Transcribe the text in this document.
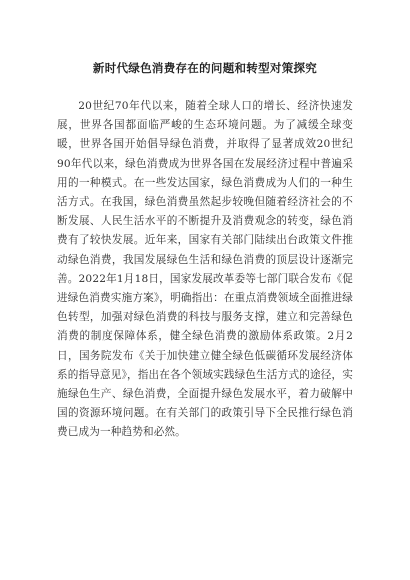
新时代绿色消费存在的问题和转型对策探究

20世纪70年代以来，随着全球人口的增长、经济快速发展，世界各国都面临严峻的生态环境问题。为了减缓全球变暖，世界各国开始倡导绿色消费，并取得了显著成效20世纪90年代以来，绿色消费成为世界各国在发展经济过程中普遍采用的一种模式。在一些发达国家，绿色消费成为人们的一种生活方式。在我国，绿色消费虽然起步较晚但随着经济社会的不断发展、人民生活水平的不断提升及消费观念的转变，绿色消费有了较快发展。近年来，国家有关部门陆续出台政策文件推动绿色消费，我国发展绿色生活和绿色消费的顶层设计逐渐完善。2022年1月18日，国家发展改革委等七部门联合发布《促进绿色消费实施方案》，明确指出：在重点消费领域全面推进绿色转型，加强对绿色消费的科技与服务支撑，建立和完善绿色消费的制度保障体系，健全绿色消费的激励体系政策。2月2日，国务院发布《关于加快建立健全绿色低碳循环发展经济体系的指导意见》，指出在各个领域实践绿色生活方式的途径，实施绿色生产、绿色消费，全面提升绿色发展水平，着力破解中国的资源环境问题。在有关部门的政策引导下全民推行绿色消费已成为一种趋势和必然。
